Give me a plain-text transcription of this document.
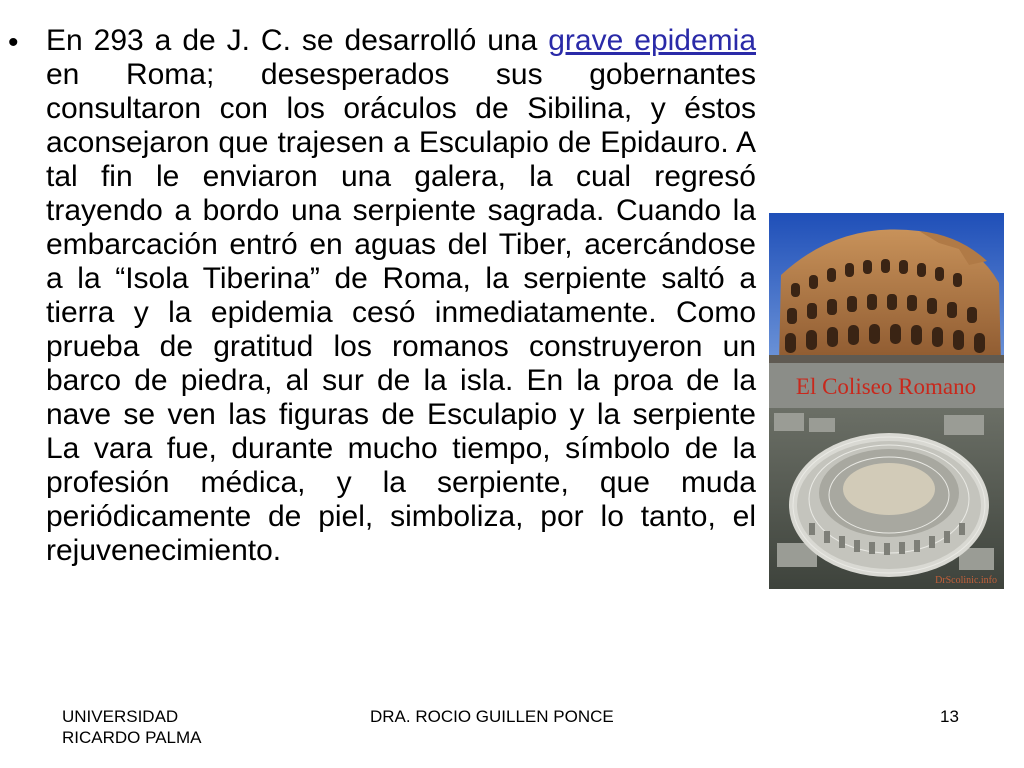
• En 293 a de J. C. se desarrolló una grave epidemia en Roma; desesperados sus gobernantes consultaron con los oráculos de Sibilina, y éstos aconsejaron que trajesen a Esculapio de Epidauro. A tal fin le enviaron una galera, la cual regresó trayendo a bordo una serpiente sagrada. Cuando la embarcación entró en aguas del Tiber, acercándose a la “Isola Tiberina” de Roma, la serpiente saltó a tierra y la epidemia cesó inmediatamente. Como prueba de gratitud los romanos construyeron un barco de piedra, al sur de la isla. En la proa de la nave se ven las figuras de Esculapio y la serpiente La vara fue, durante mucho tiempo, símbolo de la profesión médica, y la serpiente, que muda periódicamente de piel, simboliza, por lo tanto, el rejuvenecimiento.

El Coliseo Romano
DrScolinic.info
UNIVERSIDAD
RICARDO PALMA
DRA. ROCIO GUILLEN PONCE	13
